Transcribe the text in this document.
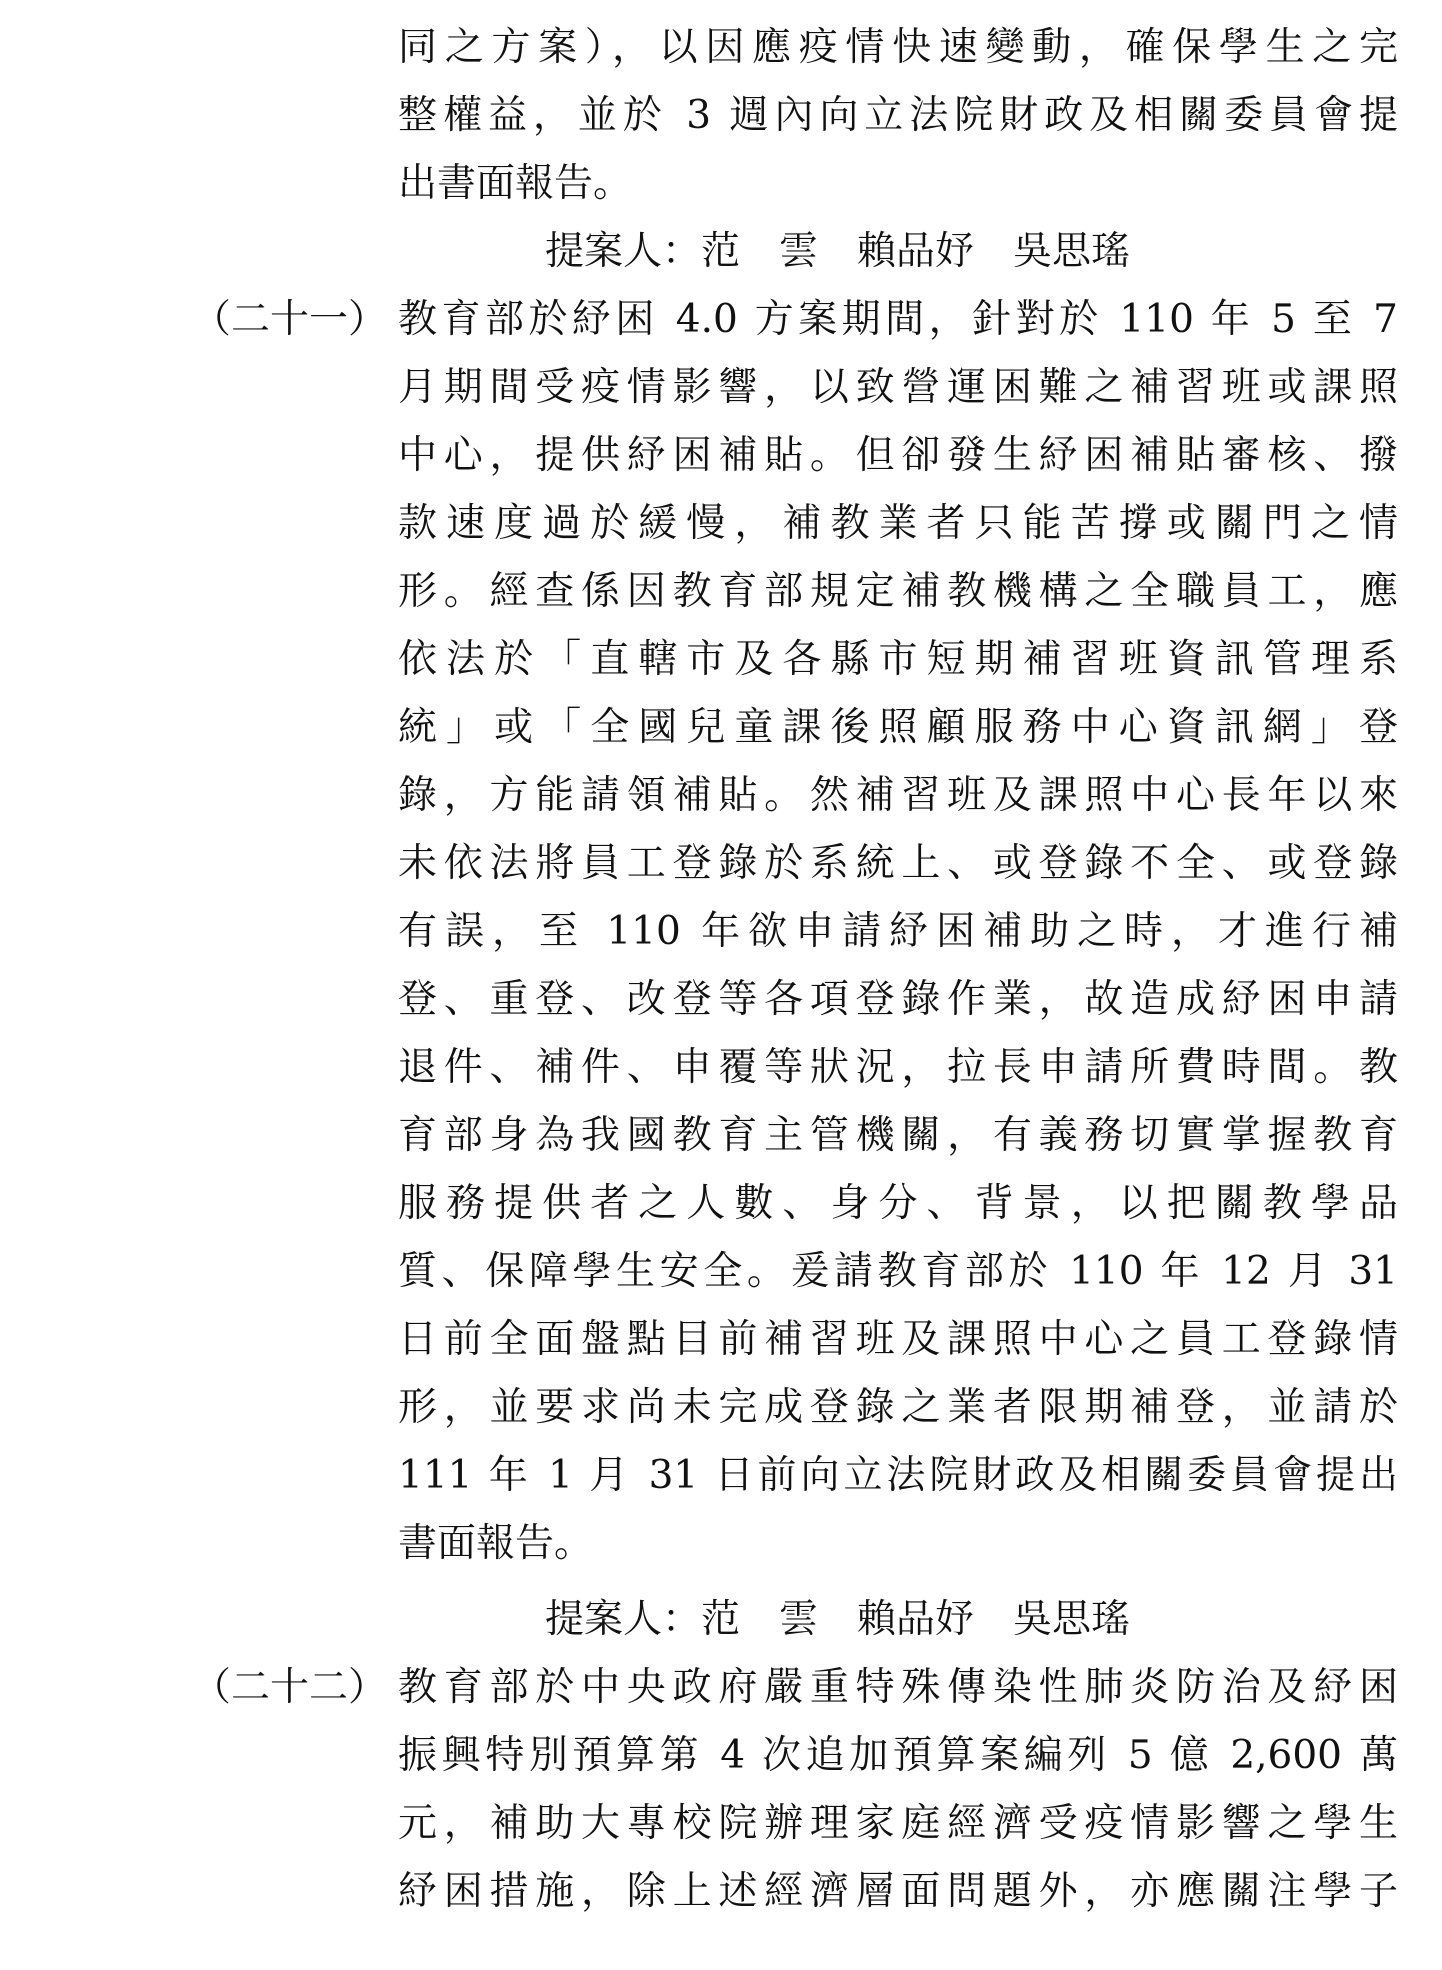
同之方案），以因應疫情快速變動，確保學生之完
整權益，並於 3 週內向立法院財政及相關委員會提
出書面報告。
提案人：范　雲　賴品妤　吳思瑤
（二十一） 教育部於紓困 4.0 方案期間，針對於 110 年 5 至 7
月期間受疫情影響，以致營運困難之補習班或課照
中心，提供紓困補貼。但卻發生紓困補貼審核、撥
款速度過於緩慢，補教業者只能苦撐或關門之情
形。經查係因教育部規定補教機構之全職員工，應
依法於「直轄市及各縣市短期補習班資訊管理系
統」或「全國兒童課後照顧服務中心資訊網」登
錄，方能請領補貼。然補習班及課照中心長年以來
未依法將員工登錄於系統上、或登錄不全、或登錄
有誤，至 110 年欲申請紓困補助之時，才進行補
登、重登、改登等各項登錄作業，故造成紓困申請
退件、補件、申覆等狀況，拉長申請所費時間。教
育部身為我國教育主管機關，有義務切實掌握教育
服務提供者之人數、身分、背景，以把關教學品
質、保障學生安全。爰請教育部於 110 年 12 月 31
日前全面盤點目前補習班及課照中心之員工登錄情
形，並要求尚未完成登錄之業者限期補登，並請於
111 年 1 月 31 日前向立法院財政及相關委員會提出
書面報告。
提案人：范　雲　賴品妤　吳思瑤
（二十二） 教育部於中央政府嚴重特殊傳染性肺炎防治及紓困
振興特別預算第 4 次追加預算案編列 5 億 2,600 萬
元，補助大專校院辦理家庭經濟受疫情影響之學生
紓困措施，除上述經濟層面問題外，亦應關注學子
